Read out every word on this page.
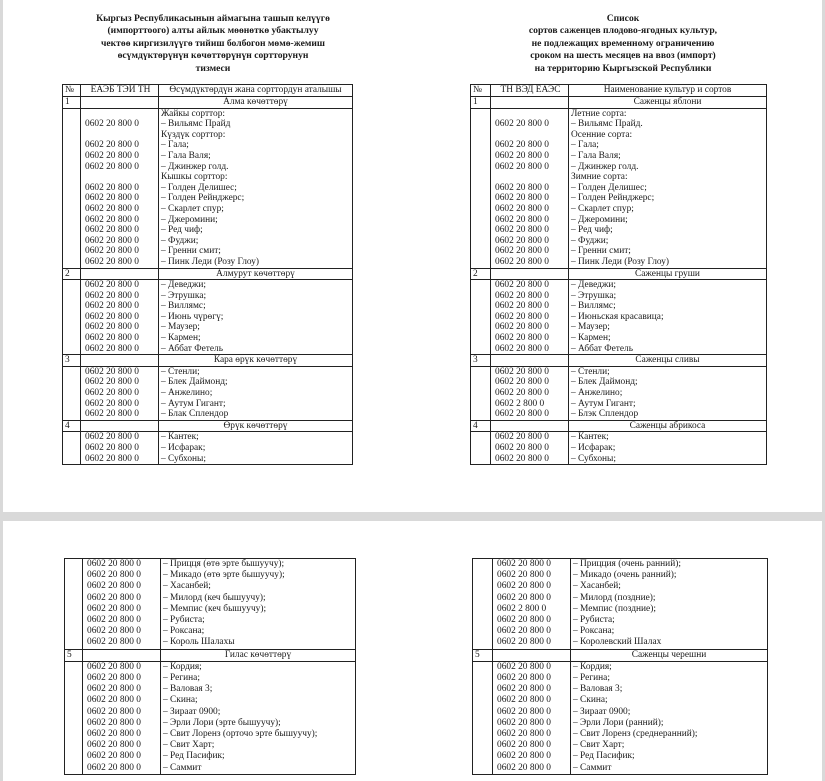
Кыргыз Республикасынын аймагына ташып келүүгө
(импорттоого) алты айлык мөөнөткө убактылуу
чектөө киргизилүүгө тийиш болбогон мөмө-жемиш
өсүмдүктөрүнүн көчөттөрүнүн сортторунун
тизмеси
Список
сортов саженцев плодово-ягодных культур,
не подлежащих временному ограничению
сроком на шесть месяцев на ввоз (импорт)
на территорию Кыргызской Республики
№	ЕАЭБ ТЭИ ТН	Өсүмдүктөрдүн жана сорттордун аталышы
1		Алма көчөттөрү
		Жайкы сорттор:
	0602 20 800 0	– Вильямс Прайд
		Күздүк сорттор:
	0602 20 800 0	– Гала;
	0602 20 800 0	– Гала Валя;
	0602 20 800 0	– Джинжер голд.
		Кышкы сорттор:
	0602 20 800 0	– Голден Делишес;
	0602 20 800 0	– Голден Рейнджерс;
	0602 20 800 0	– Скарлет спур;
	0602 20 800 0	– Джеромини;
	0602 20 800 0	– Ред чиф;
	0602 20 800 0	– Фуджи;
	0602 20 800 0	– Гренни смит;
	0602 20 800 0	– Пинк Леди (Розу Глоу)
2		Алмурут көчөттөрү
	0602 20 800 0	– Деведжи;
	0602 20 800 0	– Этрушка;
	0602 20 800 0	– Виллямс;
	0602 20 800 0	– Июнь чүрөгү;
	0602 20 800 0	– Маузер;
	0602 20 800 0	– Кармен;
	0602 20 800 0	– Аббат Фетель
3		Кара өрүк көчөттөрү
	0602 20 800 0	– Стенли;
	0602 20 800 0	– Блек Даймонд;
	0602 20 800 0	– Анжелино;
	0602 20 800 0	– Аутум Гигант;
	0602 20 800 0	– Блак Сплендор
4		Өрүк көчөттөрү
	0602 20 800 0	– Кантек;
	0602 20 800 0	– Исфарак;
	0602 20 800 0	– Субхоны;
№	ТН ВЭД ЕАЭС	Наименование культур и сортов
1		Саженцы яблони
		Летние сорта:
	0602 20 800 0	– Вильямс Прайд.
		Осенние сорта:
	0602 20 800 0	– Гала;
	0602 20 800 0	– Гала Валя;
	0602 20 800 0	– Джинжер голд.
		Зимние сорта:
	0602 20 800 0	– Голден Делишес;
	0602 20 800 0	– Голден Рейнджерс;
	0602 20 800 0	– Скарлет спур;
	0602 20 800 0	– Джеромини;
	0602 20 800 0	– Ред чиф;
	0602 20 800 0	– Фуджи;
	0602 20 800 0	– Гренни смит;
	0602 20 800 0	– Пинк Леди (Розу Глоу)
2		Саженцы груши
	0602 20 800 0	– Деведжи;
	0602 20 800 0	– Этрушка;
	0602 20 800 0	– Виллямс;
	0602 20 800 0	– Июньская красавица;
	0602 20 800 0	– Маузер;
	0602 20 800 0	– Кармен;
	0602 20 800 0	– Аббат Фетель
3		Саженцы сливы
	0602 20 800 0	– Стенли;
	0602 20 800 0	– Блек Даймонд;
	0602 20 800 0	– Анжелино;
	0602 2 800 0	– Аутум Гигант;
	0602 20 800 0	– Блэк Сплендор
4		Саженцы абрикоса
	0602 20 800 0	– Кантек;
	0602 20 800 0	– Исфарак;
	0602 20 800 0	– Субхоны;
	0602 20 800 0	– Прицця (өтө эрте бышуучу);
	0602 20 800 0	– Микадо (өтө эрте бышуучу);
	0602 20 800 0	– Хасанбей;
	0602 20 800 0	– Милорд (кеч бышуучу);
	0602 20 800 0	– Мемпис (кеч бышуучу);
	0602 20 800 0	– Рубиста;
	0602 20 800 0	– Роксана;
	0602 20 800 0	– Король Шалахы
5		Гилас көчөттөрү
	0602 20 800 0	– Кордия;
	0602 20 800 0	– Регина;
	0602 20 800 0	– Валовая 3;
	0602 20 800 0	– Скина;
	0602 20 800 0	– Зираат 0900;
	0602 20 800 0	– Эрли Лори (эрте бышуучу);
	0602 20 800 0	– Свит Лоренз (орточо эрте бышуучу);
	0602 20 800 0	– Свит Харт;
	0602 20 800 0	– Ред Пасифик;
	0602 20 800 0	– Саммит
	0602 20 800 0	– Прицция (очень ранний);
	0602 20 800 0	– Микадо (очень ранний);
	0602 20 800 0	– Хасанбей;
	0602 20 800 0	– Милорд (поздние);
	0602 2 800 0	– Мемпис (поздние);
	0602 20 800 0	– Рубиста;
	0602 20 800 0	– Роксана;
	0602 20 800 0	– Королевский Шалах
5		Саженцы черешни
	0602 20 800 0	– Кордия;
	0602 20 800 0	– Регина;
	0602 20 800 0	– Валовая 3;
	0602 20 800 0	– Скина;
	0602 20 800 0	– Зираат 0900;
	0602 20 800 0	– Эрли Лори (ранний);
	0602 20 800 0	– Свит Лоренз (среднеранний);
	0602 20 800 0	– Свит Харт;
	0602 20 800 0	– Ред Пасифик;
	0602 20 800 0	– Саммит
